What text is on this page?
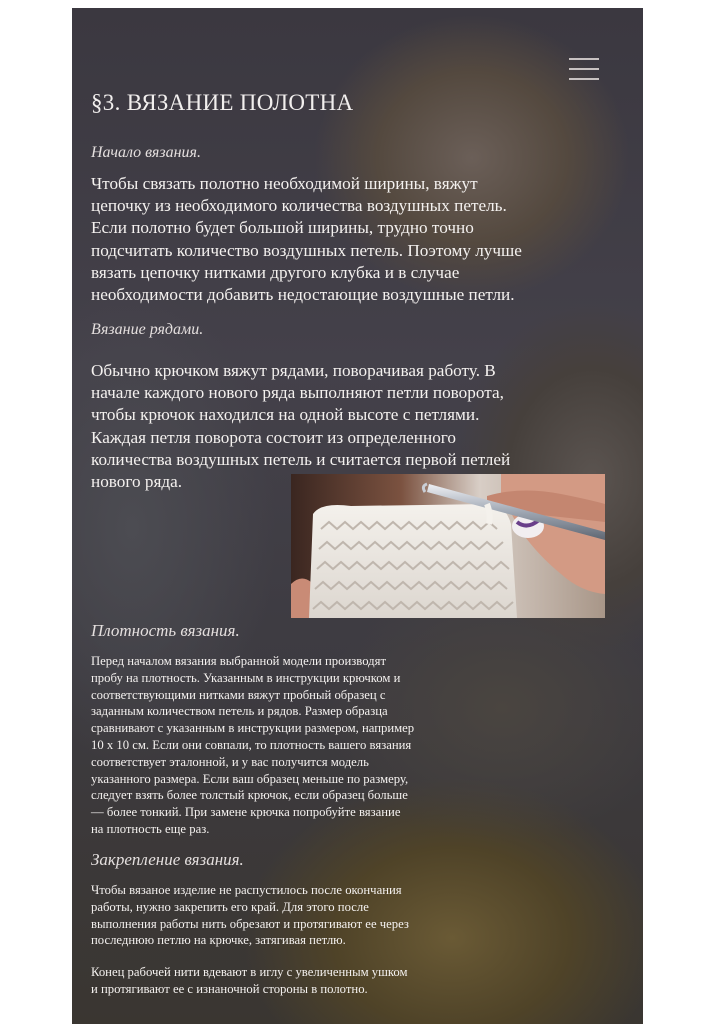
§3. ВЯЗАНИЕ ПОЛОТНА
Начало вязания.
Чтобы связать полотно необходимой ширины, вяжут
цепочку из необходимого количества воздушных петель.
Если полотно будет большой ширины, трудно точно
подсчитать количество воздушных петель. Поэтому лучше
вязать цепочку нитками другого клубка и в случае
необходимости добавить недостающие воздушные петли.
Вязание рядами.
Обычно крючком вяжут рядами, поворачивая работу. В
начале каждого нового ряда выполняют петли поворота,
чтобы крючок находился на одной высоте с петлями.
Каждая петля поворота состоит из определенного
количества воздушных петель и считается первой петлей
нового ряда.
Плотность вязания.
Перед началом вязания выбранной модели производят
пробу на плотность. Указанным в инструкции крючком и
соответствующими нитками вяжут пробный образец с
заданным количеством петель и рядов. Размер образца
сравнивают с указанным в инструкции размером, например
10 х 10 см. Если они совпали, то плотность вашего вязания
соответствует эталонной, и у вас получится модель
указанного размера. Если ваш образец меньше по размеру,
следует взять более толстый крючок, если образец больше
— более тонкий. При замене крючка попробуйте вязание
на плотность еще раз.
Закрепление вязания.
Чтобы вязаное изделие не распустилось после окончания
работы, нужно закрепить его край. Для этого после
выполнения работы нить обрезают и протягивают ее через
последнюю петлю на крючке, затягивая петлю.
Конец рабочей нити вдевают в иглу с увеличенным ушком
и протягивают ее с изнаночной стороны в полотно.
